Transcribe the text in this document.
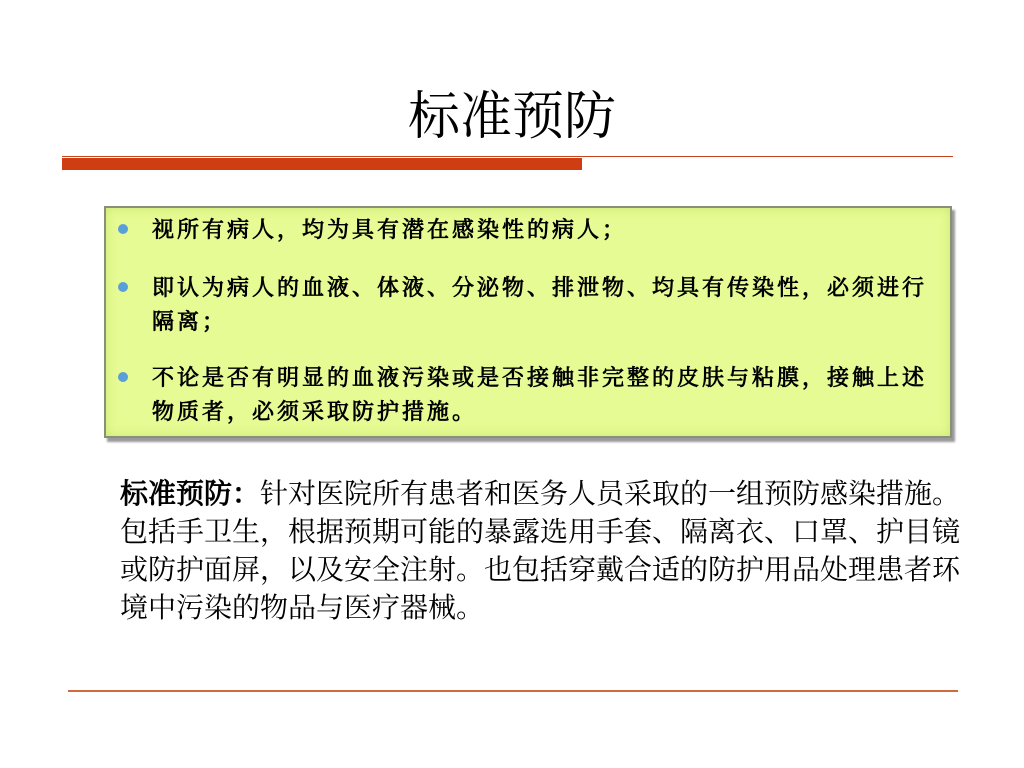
标准预防
视所有病人，均为具有潜在感染性的病人；
即认为病人的血液、体液、分泌物、排泄物、均具有传染性，必须进行隔离；
不论是否有明显的血液污染或是否接触非完整的皮肤与粘膜，接触上述物质者，必须采取防护措施。
标准预防：针对医院所有患者和医务人员采取的一组预防感染措施。包括手卫生，根据预期可能的暴露选用手套、隔离衣、口罩、护目镜或防护面屏，以及安全注射。也包括穿戴合适的防护用品处理患者环境中污染的物品与医疗器械。
